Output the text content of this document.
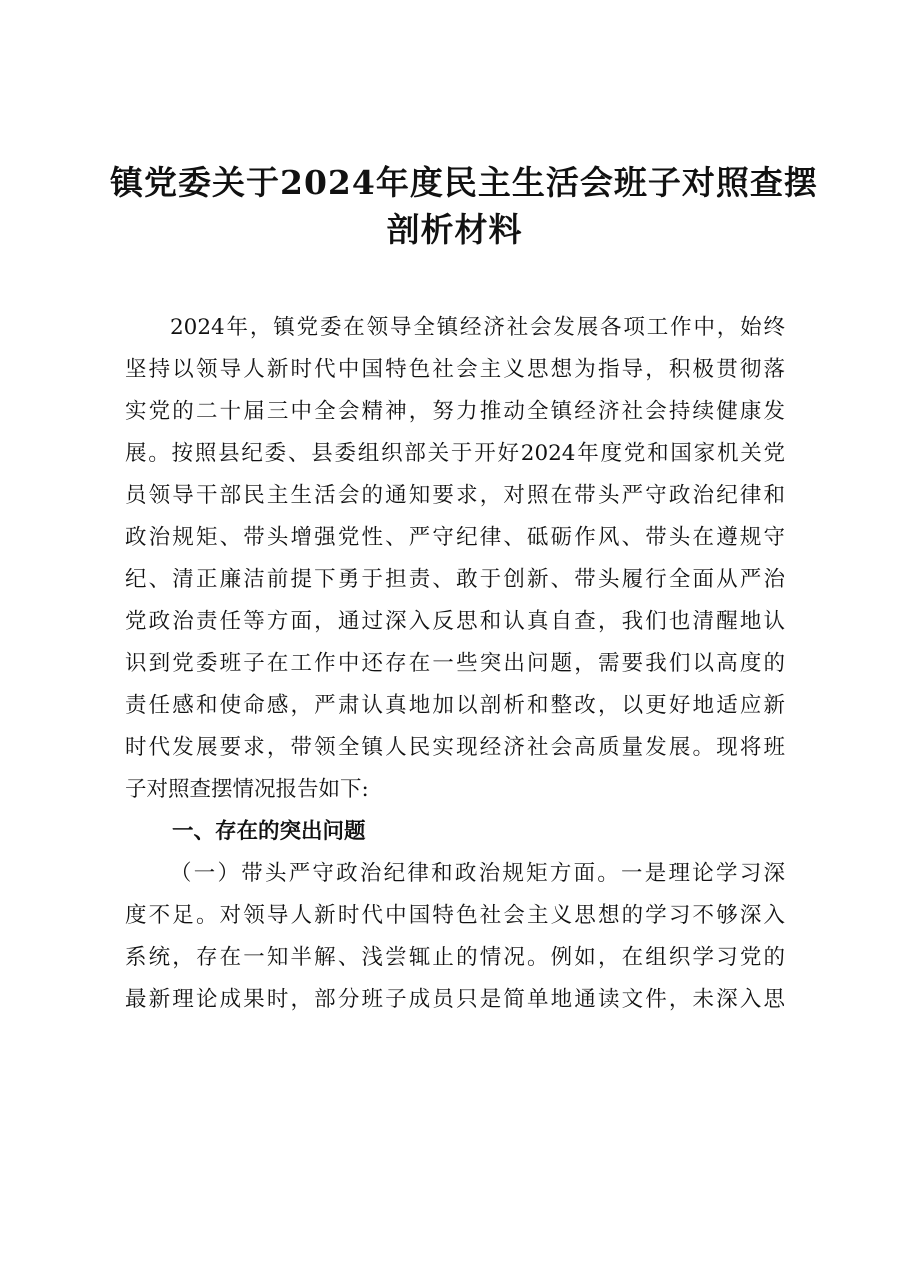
镇党委关于2024年度民主生活会班子对照查摆
剖析材料

2024年，镇党委在领导全镇经济社会发展各项工作中，始终

坚持以领导人新时代中国特色社会主义思想为指导，积极贯彻落

实党的二十届三中全会精神，努力推动全镇经济社会持续健康发

展。按照县纪委、县委组织部关于开好2024年度党和国家机关党

员领导干部民主生活会的通知要求，对照在带头严守政治纪律和

政治规矩、带头增强党性、严守纪律、砥砺作风、带头在遵规守

纪、清正廉洁前提下勇于担责、敢于创新、带头履行全面从严治

党政治责任等方面，通过深入反思和认真自查，我们也清醒地认

识到党委班子在工作中还存在一些突出问题，需要我们以高度的

责任感和使命感，严肃认真地加以剖析和整改，以更好地适应新

时代发展要求，带领全镇人民实现经济社会高质量发展。现将班

子对照查摆情况报告如下:

一、存在的突出问题

（一）带头严守政治纪律和政治规矩方面。一是理论学习深

度不足。对领导人新时代中国特色社会主义思想的学习不够深入

系统，存在一知半解、浅尝辄止的情况。例如，在组织学习党的

最新理论成果时，部分班子成员只是简单地通读文件，未深入思
